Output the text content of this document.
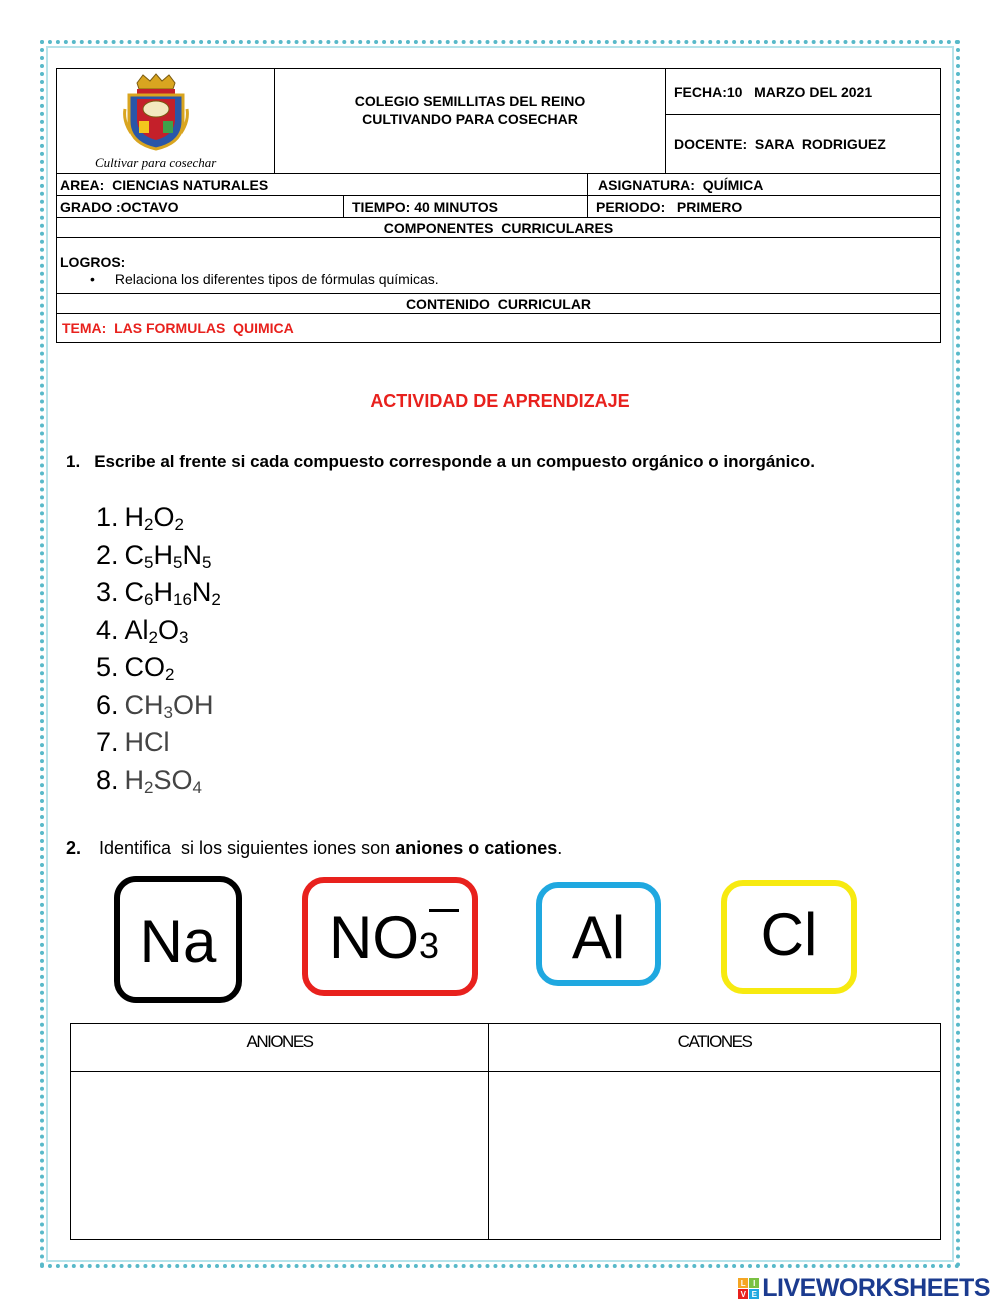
Cultivar para cosechar
COLEGIO SEMILLITAS DEL REINO
CULTIVANDO PARA COSECHAR
FECHA:10   MARZO DEL 2021
DOCENTE:  SARA  RODRIGUEZ
AREA:  CIENCIAS NATURALES	ASIGNATURA:  QUÍMICA
GRADO :OCTAVO	TIEMPO: 40 MINUTOS	PERIODO:   PRIMERO
COMPONENTES  CURRICULARES
LOGROS:
• Relaciona los diferentes tipos de fórmulas químicas.
CONTENIDO  CURRICULAR
TEMA:  LAS FORMULAS  QUIMICA
ACTIVIDAD DE APRENDIZAJE
1. Escribe al frente si cada compuesto corresponde a un compuesto orgánico o inorgánico.
1. $H_2O_2$
2. $C_5H_5N_5$
3. $C_6H_{16}N_2$
4. $Al_2O_3$
5. $CO_2$
6. $CH_3OH$
7. HCl
8. $H_2SO_4$
2. Identifica  si los siguientes iones son aniones o cationes.
Na NO 3 Al Cl
ANIONES	CATIONES
L I
V E LIVEWORKSHEETS
